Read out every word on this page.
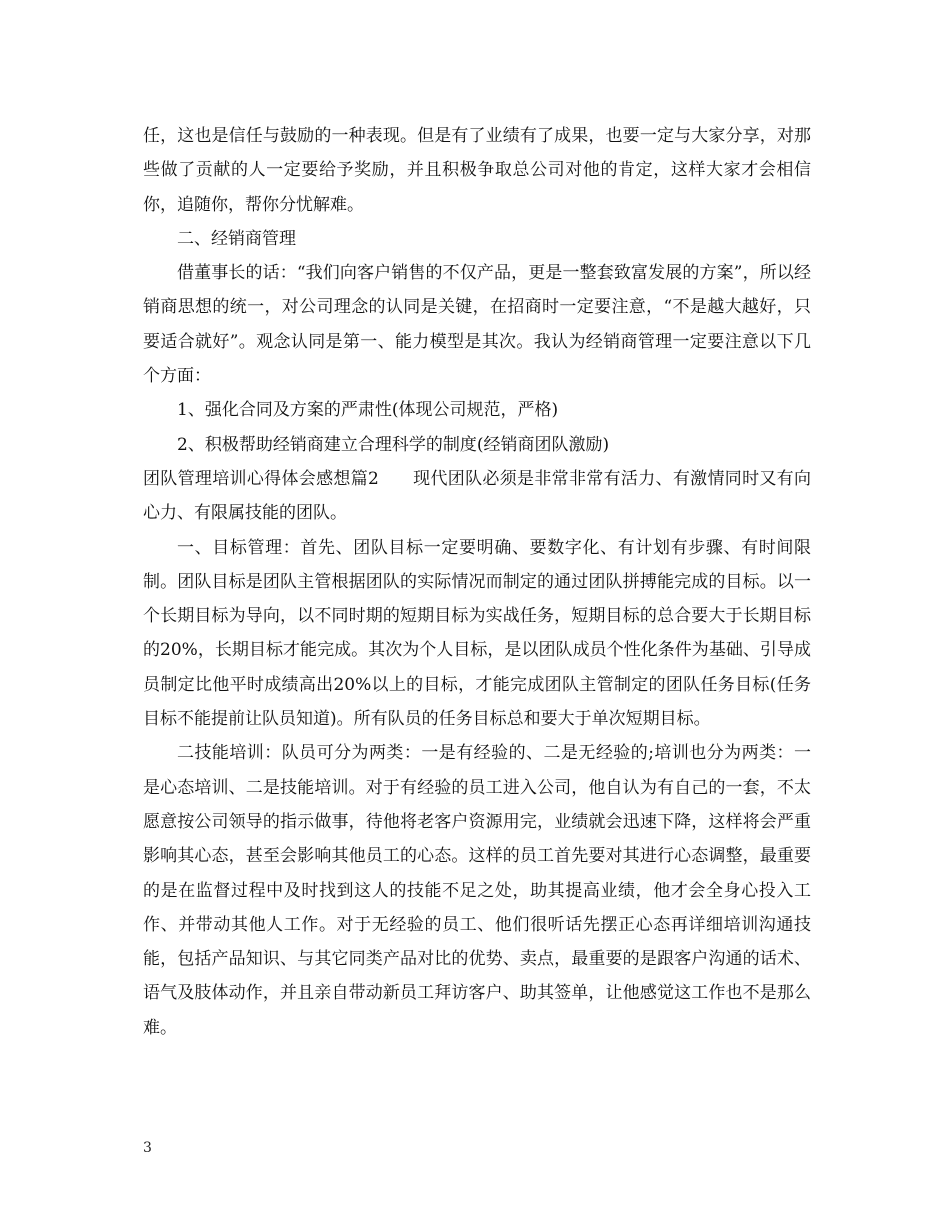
任，这也是信任与鼓励的一种表现。但是有了业绩有了成果，也要一定与大家分享，对那些做了贡献的人一定要给予奖励，并且积极争取总公司对他的肯定，这样大家才会相信你，追随你，帮你分忧解难。

二、经销商管理

借董事长的话：“我们向客户销售的不仅产品，更是一整套致富发展的方案”，所以经销商思想的统一，对公司理念的认同是关键，在招商时一定要注意，“不是越大越好，只要适合就好”。观念认同是第一、能力模型是其次。我认为经销商管理一定要注意以下几个方面：

1、强化合同及方案的严肃性(体现公司规范，严格)

2、积极帮助经销商建立合理科学的制度(经销商团队激励)

团队管理培训心得体会感想篇2 现代团队必须是非常非常有活力、有激情同时又有向心力、有限属技能的团队。

一、目标管理：首先、团队目标一定要明确、要数字化、有计划有步骤、有时间限制。团队目标是团队主管根据团队的实际情况而制定的通过团队拼搏能完成的目标。以一个长期目标为导向，以不同时期的短期目标为实战任务，短期目标的总合要大于长期目标的20%，长期目标才能完成。其次为个人目标，是以团队成员个性化条件为基础、引导成员制定比他平时成绩高出20%以上的目标，才能完成团队主管制定的团队任务目标(任务目标不能提前让队员知道)。所有队员的任务目标总和要大于单次短期目标。

二技能培训：队员可分为两类：一是有经验的、二是无经验的;培训也分为两类：一是心态培训、二是技能培训。对于有经验的员工进入公司，他自认为有自己的一套，不太愿意按公司领导的指示做事，待他将老客户资源用完，业绩就会迅速下降，这样将会严重影响其心态，甚至会影响其他员工的心态。这样的员工首先要对其进行心态调整，最重要的是在监督过程中及时找到这人的技能不足之处，助其提高业绩，他才会全身心投入工作、并带动其他人工作。对于无经验的员工、他们很听话先摆正心态再详细培训沟通技能，包括产品知识、与其它同类产品对比的优势、卖点，最重要的是跟客户沟通的话术、语气及肢体动作，并且亲自带动新员工拜访客户、助其签单，让他感觉这工作也不是那么难。

3
